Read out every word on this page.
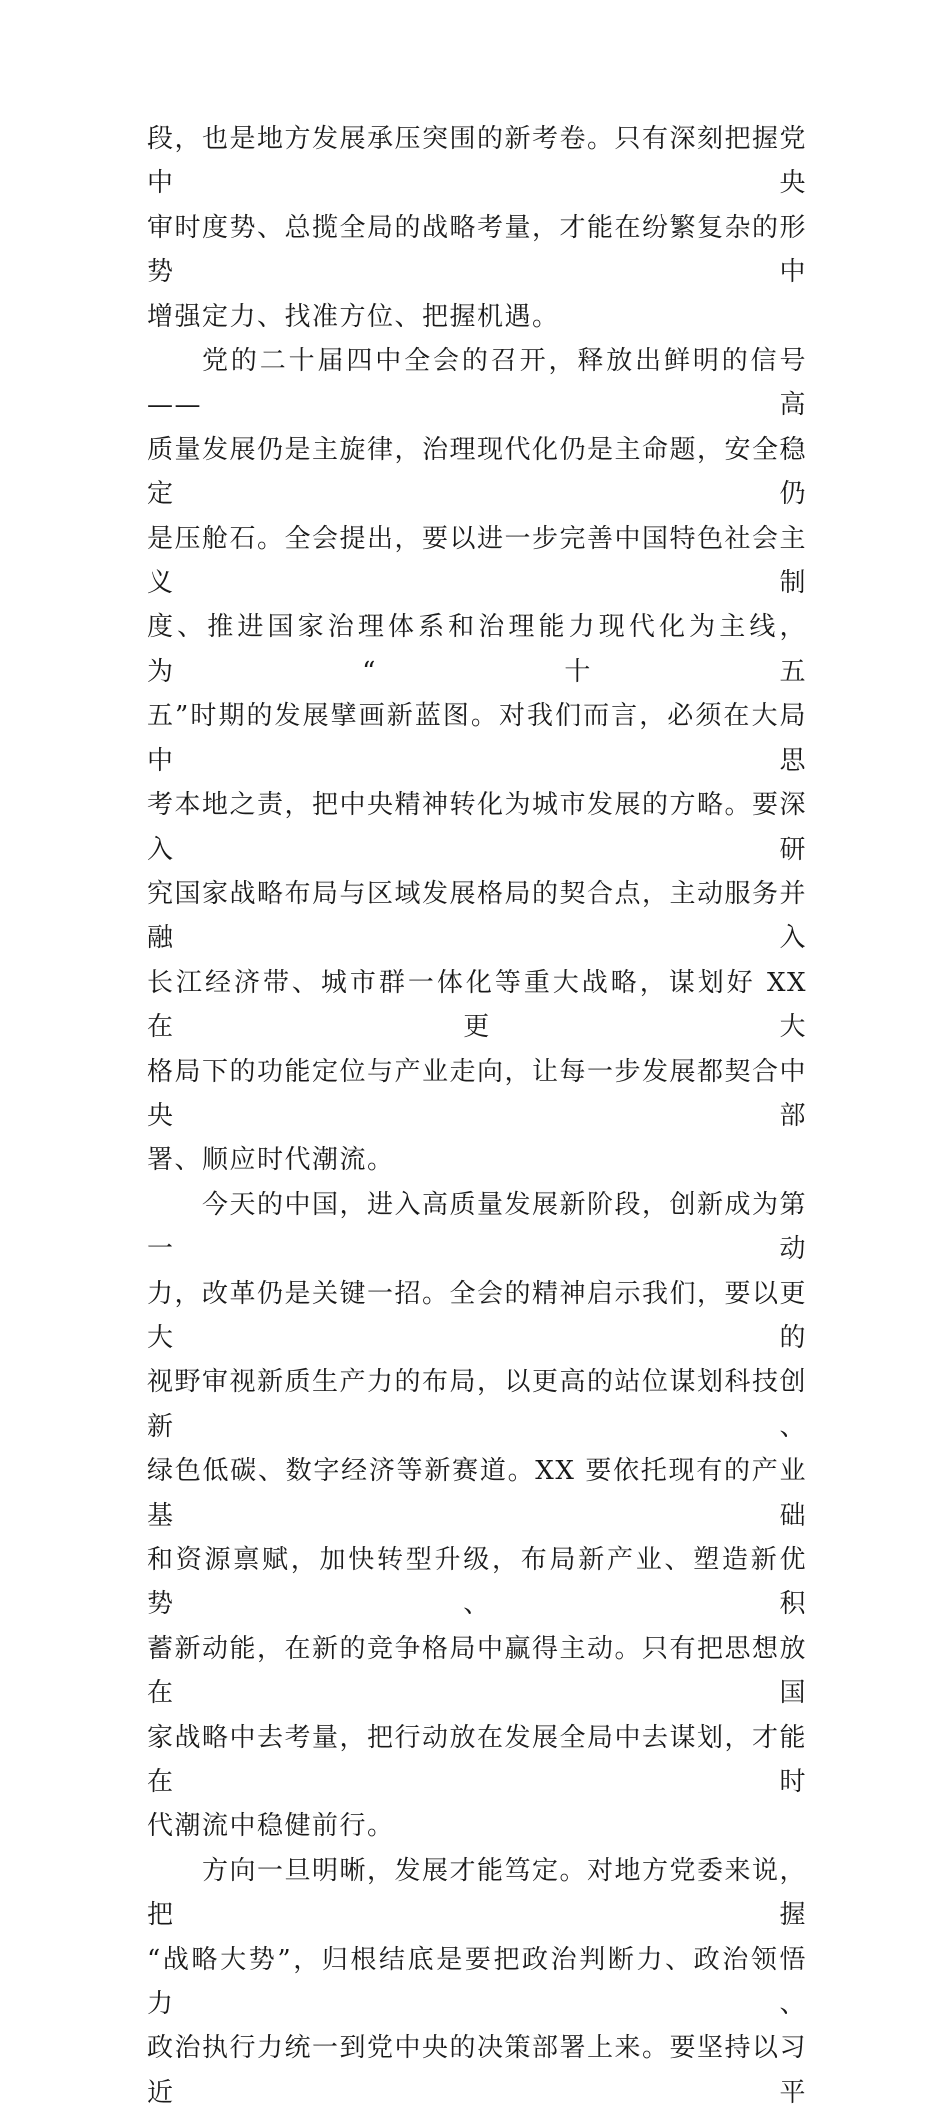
段，也是地方发展承压突围的新考卷。只有深刻把握党中央

审时度势、总揽全局的战略考量，才能在纷繁复杂的形势中

增强定力、找准方位、把握机遇。

党的二十届四中全会的召开，释放出鲜明的信号——高

质量发展仍是主旋律，治理现代化仍是主命题，安全稳定仍

是压舱石。全会提出，要以进一步完善中国特色社会主义制

度、推进国家治理体系和治理能力现代化为主线，为“十五

五”时期的发展擘画新蓝图。对我们而言，必须在大局中思

考本地之责，把中央精神转化为城市发展的方略。要深入研

究国家战略布局与区域发展格局的契合点，主动服务并融入

长江经济带、城市群一体化等重大战略，谋划好 XX 在更大

格局下的功能定位与产业走向，让每一步发展都契合中央部

署、顺应时代潮流。

今天的中国，进入高质量发展新阶段，创新成为第一动

力，改革仍是关键一招。全会的精神启示我们，要以更大的

视野审视新质生产力的布局，以更高的站位谋划科技创新、

绿色低碳、数字经济等新赛道。XX 要依托现有的产业基础

和资源禀赋，加快转型升级，布局新产业、塑造新优势、积

蓄新动能，在新的竞争格局中赢得主动。只有把思想放在国

家战略中去考量，把行动放在发展全局中去谋划，才能在时

代潮流中稳健前行。

方向一旦明晰，发展才能笃定。对地方党委来说，把握

“战略大势”，归根结底是要把政治判断力、政治领悟力、

政治执行力统一到党中央的决策部署上来。要坚持以习近平
